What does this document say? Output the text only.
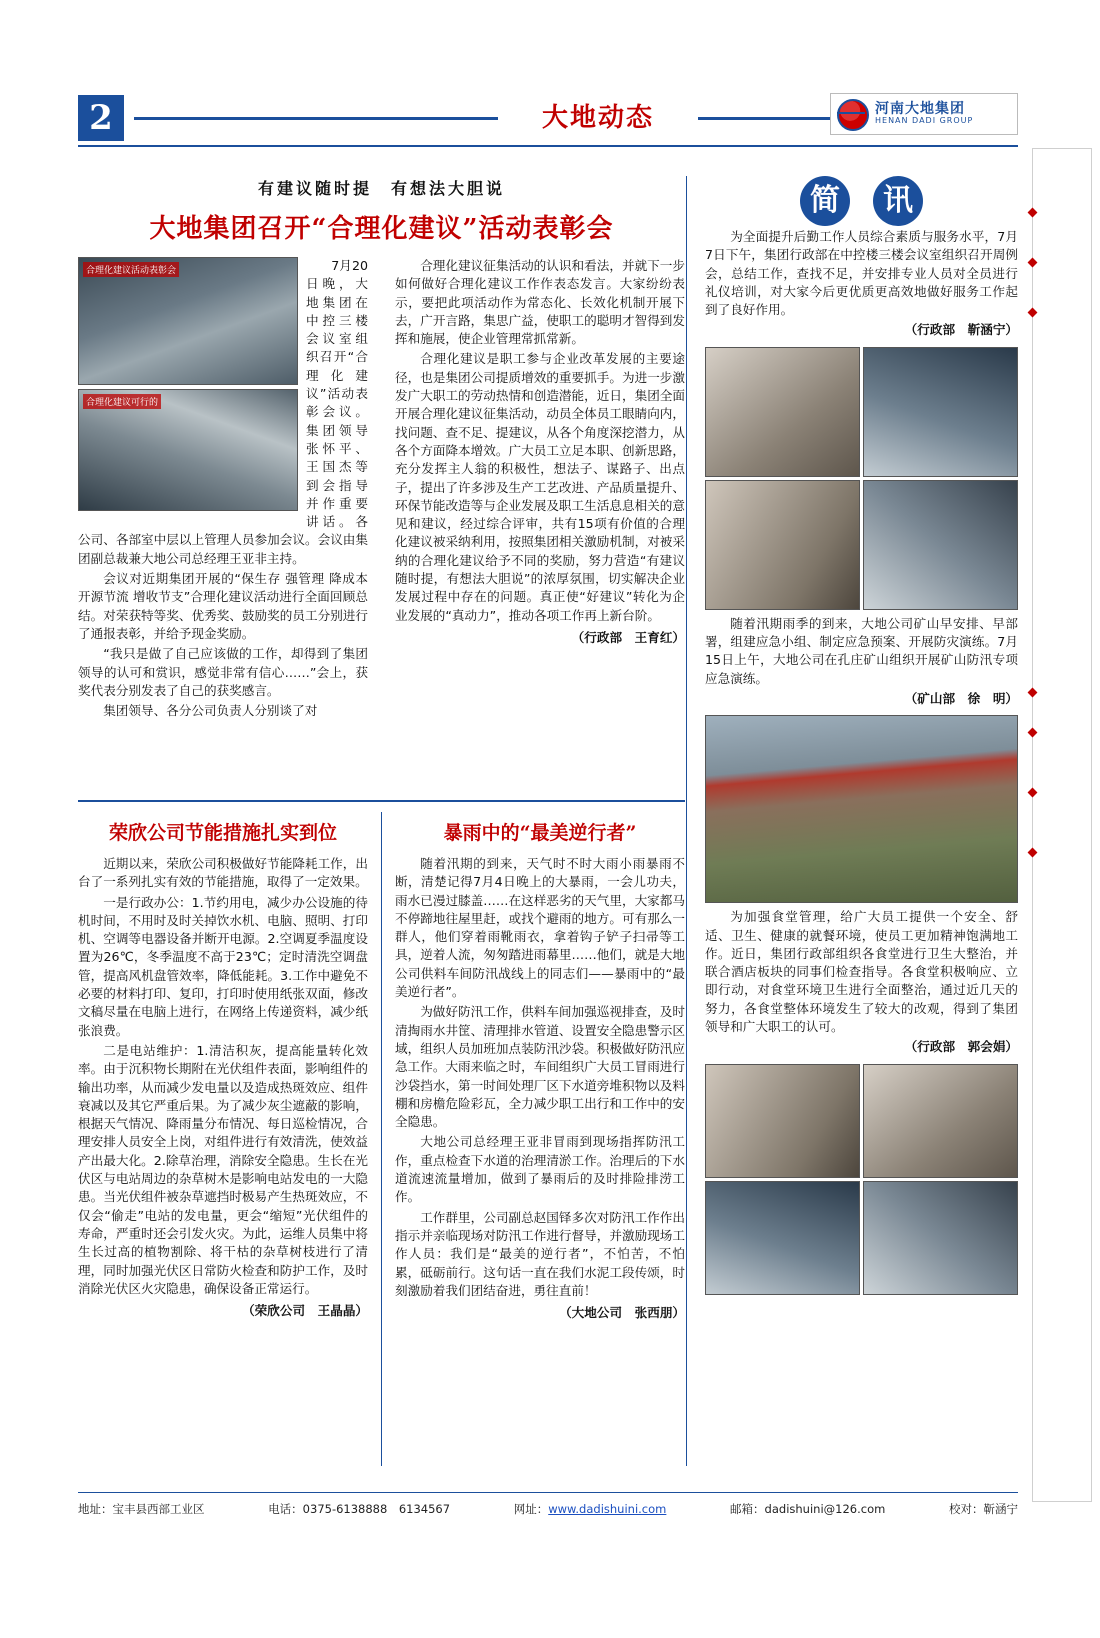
2	大地动态	河南大地集团
HENAN DADI GROUP
有建议随时提　有想法大胆说
大地集团召开“合理化建议”活动表彰会
合理化建议活动表彰会
合理化建议可行的

7月20日晚，大地集团在中控三楼会议室组织召开“合理化建议”活动表彰会议。集团领导张怀平、王国杰等到会指导并作重要讲话。各公司、各部室中层以上管理人员参加会议。会议由集团副总裁兼大地公司总经理王亚非主持。

会议对近期集团开展的“保生存 强管理 降成本 开源节流 增收节支”合理化建议活动进行全面回顾总结。对荣获特等奖、优秀奖、鼓励奖的员工分别进行了通报表彰，并给予现金奖励。

“我只是做了自己应该做的工作，却得到了集团领导的认可和赏识，感觉非常有信心……”会上，获奖代表分别发表了自己的获奖感言。

集团领导、各分公司负责人分别谈了对

合理化建议征集活动的认识和看法，并就下一步如何做好合理化建议工作作表态发言。大家纷纷表示，要把此项活动作为常态化、长效化机制开展下去，广开言路，集思广益，使职工的聪明才智得到发挥和施展，使企业管理常抓常新。

合理化建议是职工参与企业改革发展的主要途径，也是集团公司提质增效的重要抓手。为进一步激发广大职工的劳动热情和创造潜能，近日，集团全面开展合理化建议征集活动，动员全体员工眼睛向内，找问题、查不足、提建议，从各个角度深挖潜力，从各个方面降本增效。广大员工立足本职、创新思路，充分发挥主人翁的积极性，想法子、谋路子、出点子，提出了许多涉及生产工艺改进、产品质量提升、环保节能改造等与企业发展及职工生活息息相关的意见和建议，经过综合评审，共有15项有价值的合理化建议被采纳利用，按照集团相关激励机制，对被采纳的合理化建议给予不同的奖励，努力营造“有建议随时提，有想法大胆说”的浓厚氛围，切实解决企业发展过程中存在的问题。真正使“好建议”转化为企业发展的“真动力”，推动各项工作再上新台阶。

（行政部　王育红）
荣欣公司节能措施扎实到位

近期以来，荣欣公司积极做好节能降耗工作，出台了一系列扎实有效的节能措施，取得了一定效果。

一是行政办公：1.节约用电，减少办公设施的待机时间，不用时及时关掉饮水机、电脑、照明、打印机、空调等电器设备并断开电源。2.空调夏季温度设置为26℃，冬季温度不高于23℃；定时清洗空调盘管，提高风机盘管效率，降低能耗。3.工作中避免不必要的材料打印、复印，打印时使用纸张双面，修改文稿尽量在电脑上进行，在网络上传递资料，减少纸张浪费。

二是电站维护：1.清洁积灰，提高能量转化效率。由于沉积物长期附在光伏组件表面，影响组件的输出功率，从而减少发电量以及造成热斑效应、组件衰减以及其它严重后果。为了减少灰尘遮蔽的影响，根据天气情况、降雨量分布情况、每日巡检情况，合理安排人员安全上岗，对组件进行有效清洗，使效益产出最大化。2.除草治理，消除安全隐患。生长在光伏区与电站周边的杂草树木是影响电站发电的一大隐患。当光伏组件被杂草遮挡时极易产生热斑效应，不仅会“偷走”电站的发电量，更会“缩短”光伏组件的寿命，严重时还会引发火灾。为此，运维人员集中将生长过高的植物割除、将干枯的杂草树枝进行了清理，同时加强光伏区日常防火检查和防护工作，及时消除光伏区火灾隐患，确保设备正常运行。

（荣欣公司　王晶晶）
暴雨中的“最美逆行者”

随着汛期的到来，天气时不时大雨小雨暴雨不断，清楚记得7月4日晚上的大暴雨，一会儿功夫，雨水已漫过膝盖……在这样恶劣的天气里，大家都马不停蹄地往屋里赶，或找个避雨的地方。可有那么一群人，他们穿着雨靴雨衣，拿着钩子铲子扫帚等工具，逆着人流，匆匆踏进雨幕里……他们，就是大地公司供料车间防汛战线上的同志们——暴雨中的“最美逆行者”。

为做好防汛工作，供料车间加强巡视排查，及时清掏雨水井筐、清理排水管道、设置安全隐患警示区域，组织人员加班加点装防汛沙袋。积极做好防汛应急工作。大雨来临之时，车间组织广大员工冒雨进行沙袋挡水，第一时间处理厂区下水道旁堆积物以及料棚和房檐危险彩瓦，全力减少职工出行和工作中的安全隐患。

大地公司总经理王亚非冒雨到现场指挥防汛工作，重点检查下水道的治理清淤工作。治理后的下水道流速流量增加，做到了暴雨后的及时排险排涝工作。

工作群里，公司副总赵国铎多次对防汛工作作出指示并亲临现场对防汛工作进行督导，并激励现场工作人员：我们是“最美的逆行者”，不怕苦，不怕累，砥砺前行。这句话一直在我们水泥工段传颂，时刻激励着我们团结奋进，勇往直前！

（大地公司　张西朋）
简 讯

为全面提升后勤工作人员综合素质与服务水平，7月7日下午，集团行政部在中控楼三楼会议室组织召开周例会，总结工作，查找不足，并安排专业人员对全员进行礼仪培训，对大家今后更优质更高效地做好服务工作起到了良好作用。

（行政部　靳涵宁）

随着汛期雨季的到来，大地公司矿山早安排、早部署，组建应急小组、制定应急预案、开展防灾演练。7月15日上午，大地公司在孔庄矿山组织开展矿山防汛专项应急演练。

（矿山部　徐　明）

为加强食堂管理，给广大员工提供一个安全、舒适、卫生、健康的就餐环境，使员工更加精神饱满地工作。近日，集团行政部组织各食堂进行卫生大整治，并联合酒店板块的同事们检查指导。各食堂积极响应、立即行动，对食堂环境卫生进行全面整治，通过近几天的努力，各食堂整体环境发生了较大的改观，得到了集团领导和广大职工的认可。

（行政部　郭会娟）
地址：宝丰县西部工业区	电话：0375-6138888　6134567	网址：www.dadishuini.com	邮箱：dadishuini@126.com	校对：靳涵宁
